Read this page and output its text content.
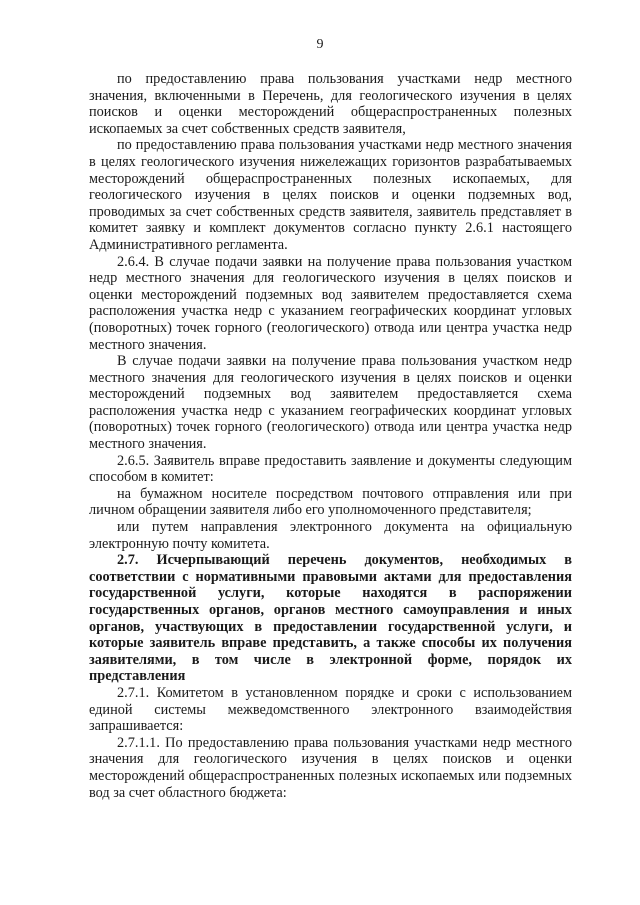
9

по предоставлению права пользования участками недр местного значения, включенными в Перечень, для геологического изучения в целях поисков и оценки месторождений общераспространенных полезных ископаемых за счет собственных средств заявителя,

по предоставлению права пользования участками недр местного значения в целях геологического изучения нижележащих горизонтов разрабатываемых месторождений общераспространенных полезных ископаемых, для геологического изучения в целях поисков и оценки подземных вод, проводимых за счет собственных средств заявителя, заявитель представляет в комитет заявку и комплект документов согласно пункту 2.6.1 настоящего Административного регламента.

2.6.4. В случае подачи заявки на получение права пользования участком недр местного значения для геологического изучения в целях поисков и оценки месторождений подземных вод заявителем предоставляется схема расположения участка недр с указанием географических координат угловых (поворотных) точек горного (геологического) отвода или центра участка недр местного значения.

В случае подачи заявки на получение права пользования участком недр местного значения для геологического изучения в целях поисков и оценки месторождений подземных вод заявителем предоставляется схема расположения участка недр с указанием географических координат угловых (поворотных) точек горного (геологического) отвода или центра участка недр местного значения.

2.6.5. Заявитель вправе предоставить заявление и документы следующим способом в комитет:

на бумажном носителе посредством почтового отправления или при личном обращении заявителя либо его уполномоченного представителя;

или путем направления электронного документа на официальную электронную почту комитета.

2.7. Исчерпывающий перечень документов, необходимых в соответствии с нормативными правовыми актами для предоставления государственной услуги, которые находятся в распоряжении государственных органов, органов местного самоуправления и иных органов, участвующих в предоставлении государственной услуги, и которые заявитель вправе представить, а также способы их получения заявителями, в том числе в электронной форме, порядок их представления

2.7.1. Комитетом в установленном порядке и сроки с использованием единой системы межведомственного электронного взаимодействия запрашивается:

2.7.1.1. По предоставлению права пользования участками недр местного значения для геологического изучения в целях поисков и оценки месторождений общераспространенных полезных ископаемых или подземных вод за счет областного бюджета:
